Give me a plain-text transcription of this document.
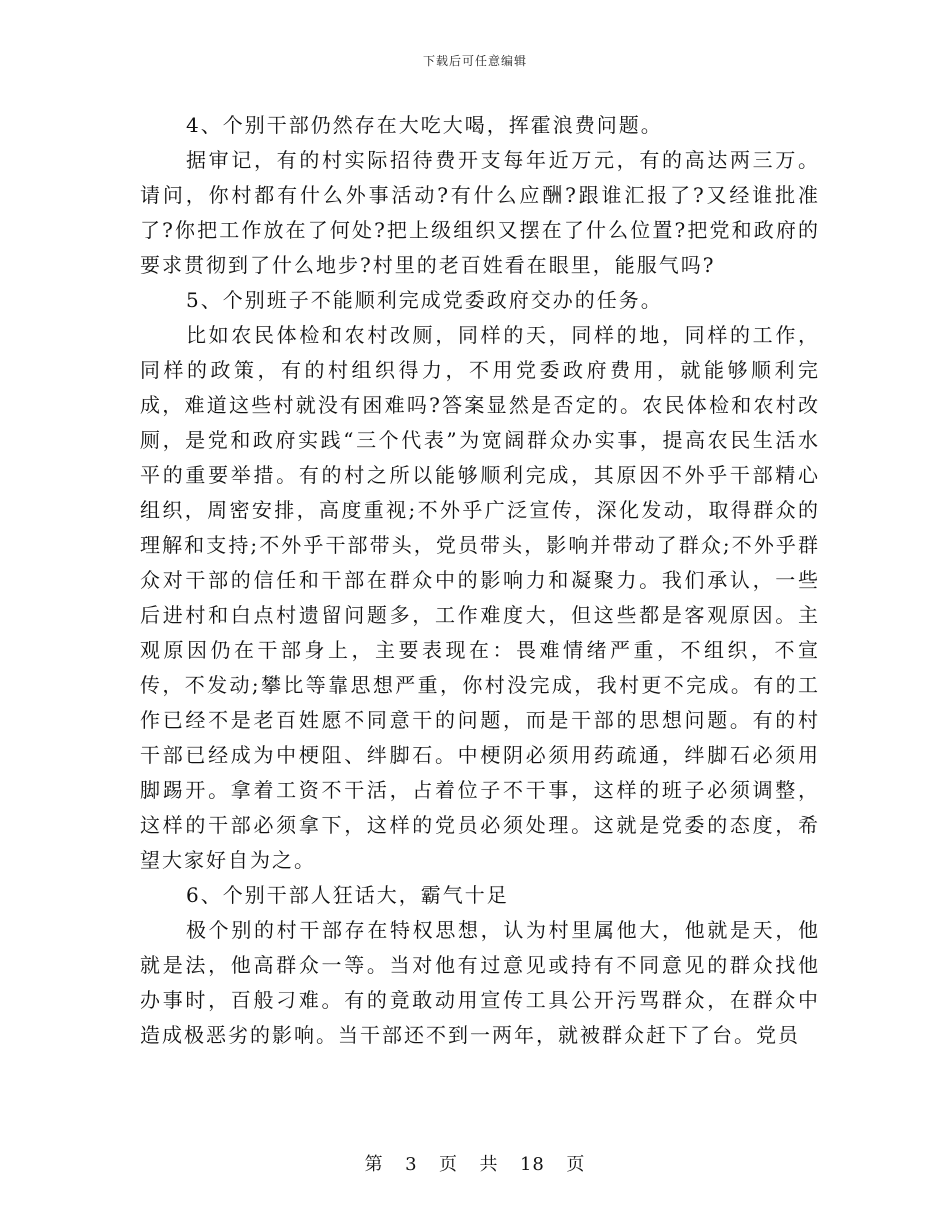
下载后可任意编辑

4、个别干部仍然存在大吃大喝，挥霍浪费问题。

据审记，有的村实际招待费开支每年近万元，有的高达两三万。请问，你村都有什么外事活动?有什么应酬?跟谁汇报了?又经谁批准了?你把工作放在了何处?把上级组织又摆在了什么位置?把党和政府的要求贯彻到了什么地步?村里的老百姓看在眼里，能服气吗?

5、个别班子不能顺利完成党委政府交办的任务。

比如农民体检和农村改厕，同样的天，同样的地，同样的工作，同样的政策，有的村组织得力，不用党委政府费用，就能够顺利完成，难道这些村就没有困难吗?答案显然是否定的。农民体检和农村改厕，是党和政府实践“三个代表”为宽阔群众办实事，提高农民生活水平的重要举措。有的村之所以能够顺利完成，其原因不外乎干部精心组织，周密安排，高度重视;不外乎广泛宣传，深化发动，取得群众的理解和支持;不外乎干部带头，党员带头，影响并带动了群众;不外乎群众对干部的信任和干部在群众中的影响力和凝聚力。我们承认，一些后进村和白点村遗留问题多，工作难度大，但这些都是客观原因。主观原因仍在干部身上，主要表现在：畏难情绪严重，不组织，不宣传，不发动;攀比等靠思想严重，你村没完成，我村更不完成。有的工作已经不是老百姓愿不同意干的问题，而是干部的思想问题。有的村干部已经成为中梗阻、绊脚石。中梗阴必须用药疏通，绊脚石必须用脚踢开。拿着工资不干活，占着位子不干事，这样的班子必须调整，这样的干部必须拿下，这样的党员必须处理。这就是党委的态度，希望大家好自为之。

6、个别干部人狂话大，霸气十足

极个别的村干部存在特权思想，认为村里属他大，他就是天，他就是法，他高群众一等。当对他有过意见或持有不同意见的群众找他办事时，百般刁难。有的竟敢动用宣传工具公开污骂群众，在群众中造成极恶劣的影响。当干部还不到一两年，就被群众赶下了台。党员

第 3 页 共 18 页
